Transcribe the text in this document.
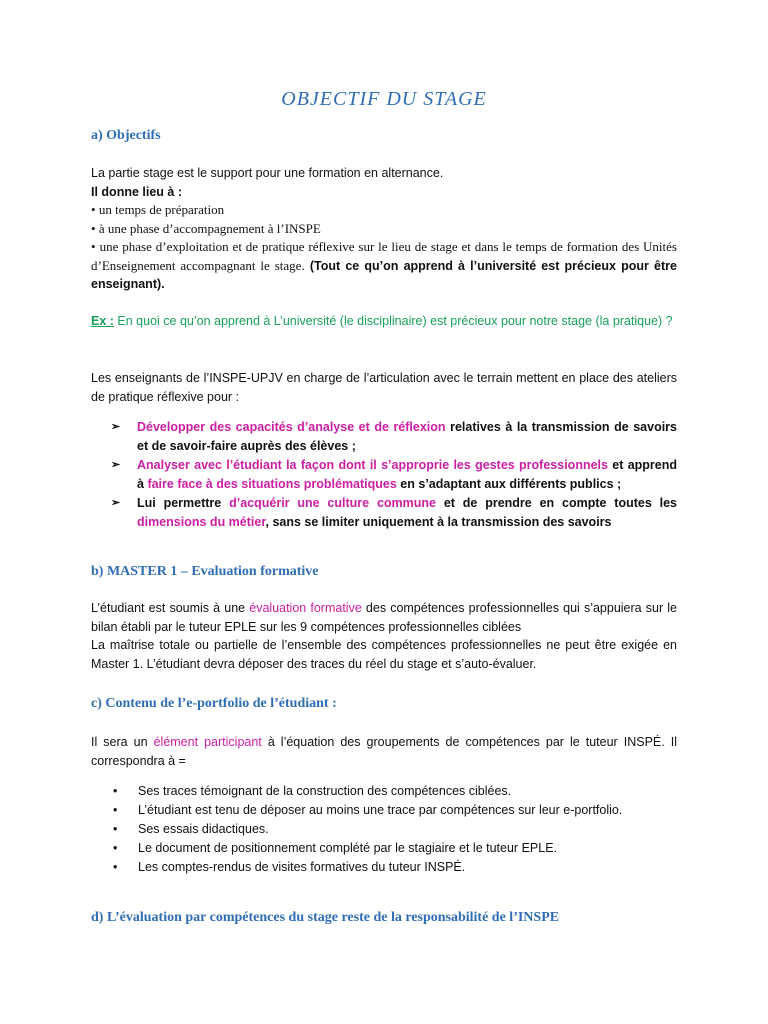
OBJECTIF DU STAGE
a) Objectifs
La partie stage est le support pour une formation en alternance.
Il donne lieu à :
• un temps de préparation
• à une phase d’accompagnement à l’INSPE
• une phase d’exploitation et de pratique réflexive sur le lieu de stage et dans le temps de formation des Unités d’Enseignement accompagnant le stage. (Tout ce qu’on apprend à l’université est précieux pour être enseignant).
Ex : En quoi ce qu’on apprend à L’université (le disciplinaire) est précieux pour notre stage (la pratique) ?
Les enseignants de l’INSPE-UPJV en charge de l’articulation avec le terrain mettent en place des ateliers de pratique réflexive pour :
➢ Développer des capacités d’analyse et de réflexion relatives à la transmission de savoirs et de savoir-faire auprès des élèves ;
➢ Analyser avec l’étudiant la façon dont il s’approprie les gestes professionnels et apprend à faire face à des situations problématiques en s’adaptant aux différents publics ;
➢ Lui permettre d’acquérir une culture commune et de prendre en compte toutes les dimensions du métier, sans se limiter uniquement à la transmission des savoirs
b) MASTER 1 – Evaluation formative
L’étudiant est soumis à une évaluation formative des compétences professionnelles qui s’appuiera sur le bilan établi par le tuteur EPLE sur les 9 compétences professionnelles ciblées
La maîtrise totale ou partielle de l’ensemble des compétences professionnelles ne peut être exigée en Master 1. L’étudiant devra déposer des traces du réel du stage et s’auto-évaluer.
c) Contenu de l’e-portfolio de l’étudiant :
Il sera un élément participant à l’équation des groupements de compétences par le tuteur INSPÉ. Il correspondra à =
• Ses traces témoignant de la construction des compétences ciblées.
• L’étudiant est tenu de déposer au moins une trace par compétences sur leur e-portfolio.
• Ses essais didactiques.
• Le document de positionnement complété par le stagiaire et le tuteur EPLE.
• Les comptes-rendus de visites formatives du tuteur INSPÉ.
d) L’évaluation par compétences du stage reste de la responsabilité de l’INSPE
